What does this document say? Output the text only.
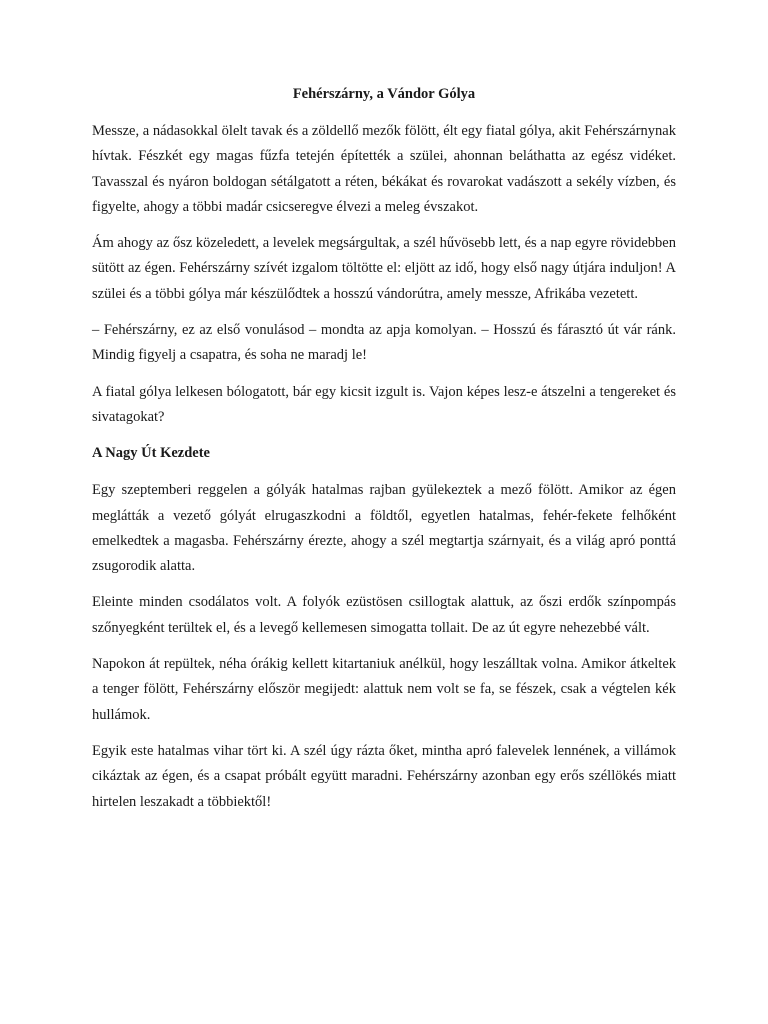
Fehérszárny, a Vándor Gólya

Messze, a nádasokkal ölelt tavak és a zöldellő mezők fölött, élt egy fiatal gólya, akit Fehérszárnynak hívtak. Fészkét egy magas fűzfa tetején építették a szülei, ahonnan beláthatta az egész vidéket. Tavasszal és nyáron boldogan sétálgatott a réten, békákat és rovarokat vadászott a sekély vízben, és figyelte, ahogy a többi madár csicseregve élvezi a meleg évszakot.

Ám ahogy az ősz közeledett, a levelek megsárgultak, a szél hűvösebb lett, és a nap egyre rövidebben sütött az égen. Fehérszárny szívét izgalom töltötte el: eljött az idő, hogy első nagy útjára induljon! A szülei és a többi gólya már készülődtek a hosszú vándorútra, amely messze, Afrikába vezetett.

– Fehérszárny, ez az első vonulásod – mondta az apja komolyan. – Hosszú és fárasztó út vár ránk. Mindig figyelj a csapatra, és soha ne maradj le!

A fiatal gólya lelkesen bólogatott, bár egy kicsit izgult is. Vajon képes lesz-e átszelni a tengereket és sivatagokat?

A Nagy Út Kezdete

Egy szeptemberi reggelen a gólyák hatalmas rajban gyülekeztek a mező fölött. Amikor az égen meglátták a vezető gólyát elrugaszkodni a földtől, egyetlen hatalmas, fehér-fekete felhőként emelkedtek a magasba. Fehérszárny érezte, ahogy a szél megtartja szárnyait, és a világ apró ponttá zsugorodik alatta.

Eleinte minden csodálatos volt. A folyók ezüstösen csillogtak alattuk, az őszi erdők színpompás szőnyegként terültek el, és a levegő kellemesen simogatta tollait. De az út egyre nehezebbé vált.

Napokon át repültek, néha órákig kellett kitartaniuk anélkül, hogy leszálltak volna. Amikor átkeltek a tenger fölött, Fehérszárny először megijedt: alattuk nem volt se fa, se fészek, csak a végtelen kék hullámok.

Egyik este hatalmas vihar tört ki. A szél úgy rázta őket, mintha apró falevelek lennének, a villámok cikáztak az égen, és a csapat próbált együtt maradni. Fehérszárny azonban egy erős széllökés miatt hirtelen leszakadt a többiektől!
